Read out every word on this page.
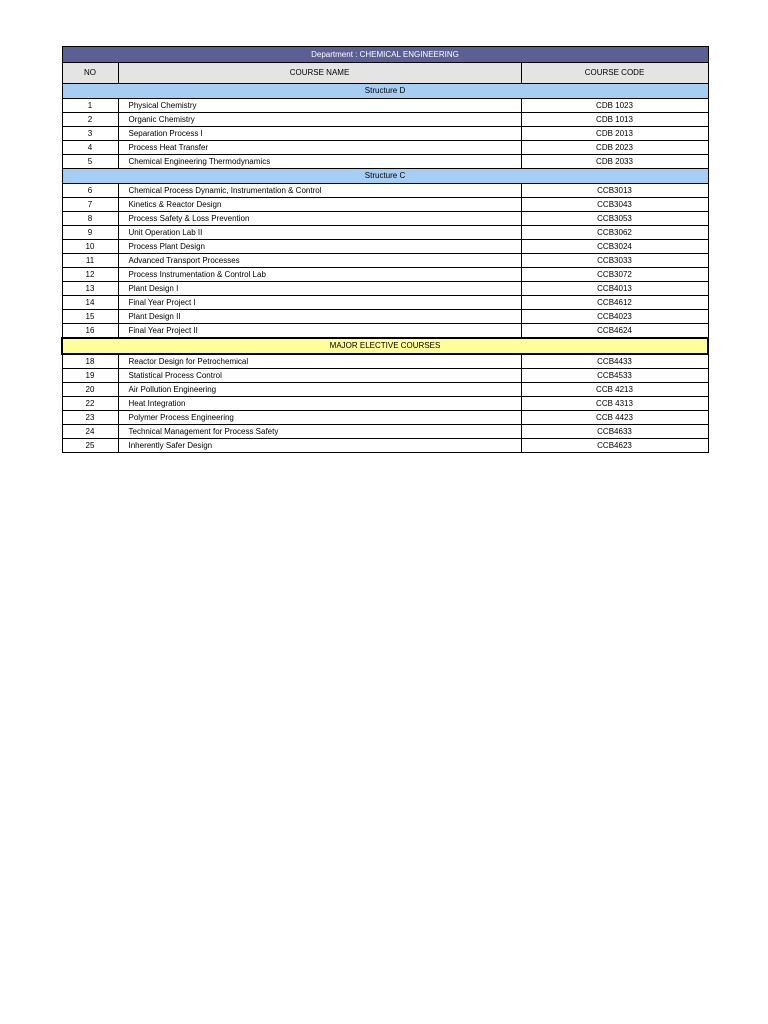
Department : CHEMICAL ENGINEERING		
NO	COURSE NAME	COURSE CODE
Structure D		
1	Physical Chemistry	CDB 1023
2	Organic Chemistry	CDB 1013
3	Separation Process I	CDB 2013
4	Process Heat Transfer	CDB 2023
5	Chemical Engineering Thermodynamics	CDB 2033
Structure C		
6	Chemical Process Dynamic, Instrumentation & Control	CCB3013
7	Kinetics & Reactor Design	CCB3043
8	Process Safety & Loss Prevention	CCB3053
9	Unit Operation Lab II	CCB3062
10	Process Plant Design	CCB3024
11	Advanced Transport Processes	CCB3033
12	Process Instrumentation & Control Lab	CCB3072
13	Plant Design I	CCB4013
14	Final Year Project I	CCB4612
15	Plant Design II	CCB4023
16	Final Year Project II	CCB4624
MAJOR ELECTIVE COURSES		
18	Reactor Design for Petrochemical	CCB4433
19	Statistical Process Control	CCB4533
20	Air Pollution Engineering	CCB 4213
22	Heat Integration	CCB 4313
23	Polymer Process Engineering	CCB 4423
24	Technical Management for Process Safety	CCB4633
25	Inherently Safer Design	CCB4623
